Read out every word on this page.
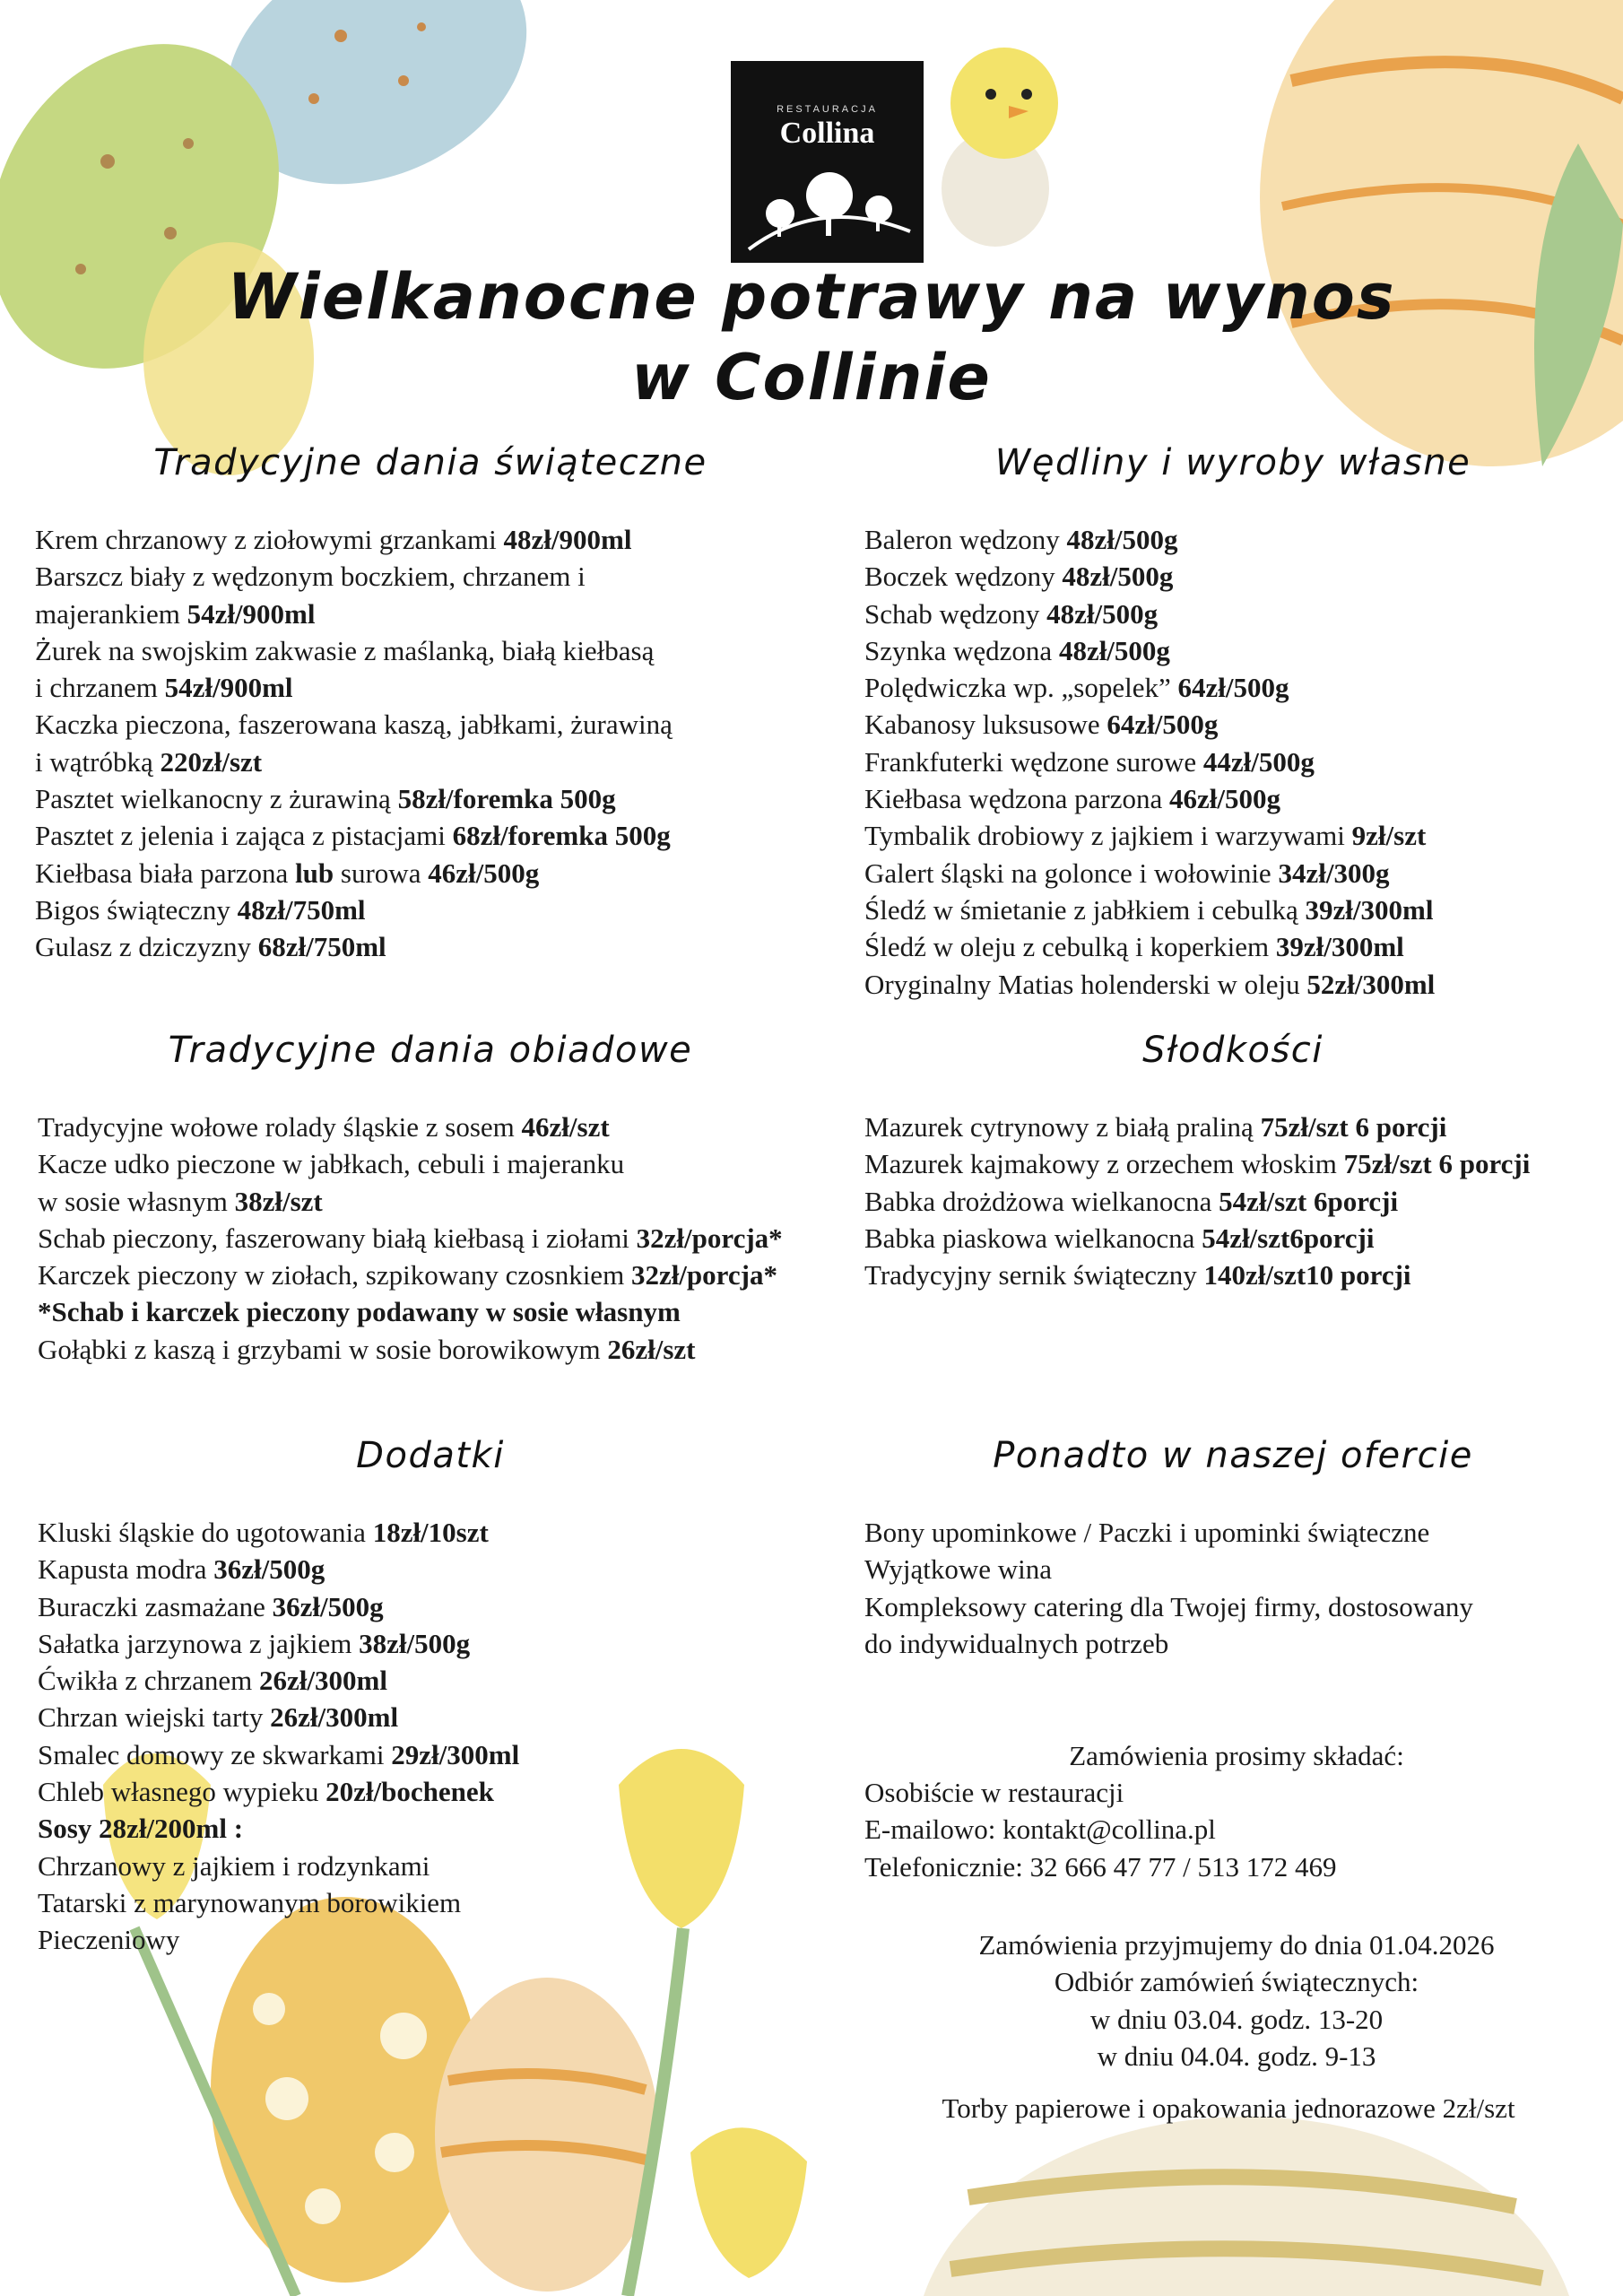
RESTAURACJA
Collina
Wielkanocne potrawy na wynos
w Collinie
Tradycyjne dania świąteczne	Wędliny i wyroby własne
Tradycyjne dania obiadowe	Słodkości
Dodatki	Ponadto w naszej ofercie
Krem chrzanowy z ziołowymi grzankami 48zł/900ml
Barszcz biały z wędzonym boczkiem, chrzanem i
majerankiem 54zł/900ml
Żurek na swojskim zakwasie z maślanką, białą kiełbasą
i chrzanem 54zł/900ml
Kaczka pieczona, faszerowana kaszą, jabłkami, żurawiną
i wątróbką 220zł/szt
Pasztet wielkanocny z żurawiną 58zł/foremka 500g
Pasztet z jelenia i zająca z pistacjami 68zł/foremka 500g
Kiełbasa biała parzona lub surowa 46zł/500g
Bigos świąteczny 48zł/750ml
Gulasz z dziczyzny 68zł/750ml
Baleron wędzony 48zł/500g
Boczek wędzony 48zł/500g
Schab wędzony 48zł/500g
Szynka wędzona 48zł/500g
Polędwiczka wp. „sopelek” 64zł/500g
Kabanosy luksusowe 64zł/500g
Frankfuterki wędzone surowe 44zł/500g
Kiełbasa wędzona parzona 46zł/500g
Tymbalik drobiowy z jajkiem i warzywami 9zł/szt
Galert śląski na golonce i wołowinie 34zł/300g
Śledź w śmietanie z jabłkiem i cebulką 39zł/300ml
Śledź w oleju z cebulką i koperkiem 39zł/300ml
Oryginalny Matias holenderski w oleju 52zł/300ml
Tradycyjne wołowe rolady śląskie z sosem 46zł/szt
Kacze udko pieczone w jabłkach, cebuli i majeranku
w sosie własnym 38zł/szt
Schab pieczony, faszerowany białą kiełbasą i ziołami 32zł/porcja*
Karczek pieczony w ziołach, szpikowany czosnkiem 32zł/porcja*
*Schab i karczek pieczony podawany w sosie własnym
Gołąbki z kaszą i grzybami w sosie borowikowym 26zł/szt
Mazurek cytrynowy z białą praliną 75zł/szt 6 porcji
Mazurek kajmakowy z orzechem włoskim 75zł/szt 6 porcji
Babka drożdżowa wielkanocna 54zł/szt 6porcji
Babka piaskowa wielkanocna 54zł/szt6porcji
Tradycyjny sernik świąteczny 140zł/szt10 porcji
Kluski śląskie do ugotowania 18zł/10szt
Kapusta modra 36zł/500g
Buraczki zasmażane 36zł/500g
Sałatka jarzynowa z jajkiem 38zł/500g
Ćwikła z chrzanem 26zł/300ml
Chrzan wiejski tarty 26zł/300ml
Smalec domowy ze skwarkami 29zł/300ml
Chleb własnego wypieku 20zł/bochenek
Sosy 28zł/200ml :
Chrzanowy z jajkiem i rodzynkami
Tatarski z marynowanym borowikiem
Pieczeniowy
Bony upominkowe / Paczki i upominki świąteczne
Wyjątkowe wina
Kompleksowy catering dla Twojej firmy, dostosowany
do indywidualnych potrzeb
Zamówienia prosimy składać:
Osobiście w restauracji
E-mailowo: kontakt@collina.pl
Telefonicznie: 32 666 47 77 / 513 172 469
Zamówienia przyjmujemy do dnia 01.04.2026
Odbiór zamówień świątecznych:
w dniu 03.04. godz. 13-20
w dniu 04.04. godz. 9-13
Torby papierowe i opakowania jednorazowe 2zł/szt
